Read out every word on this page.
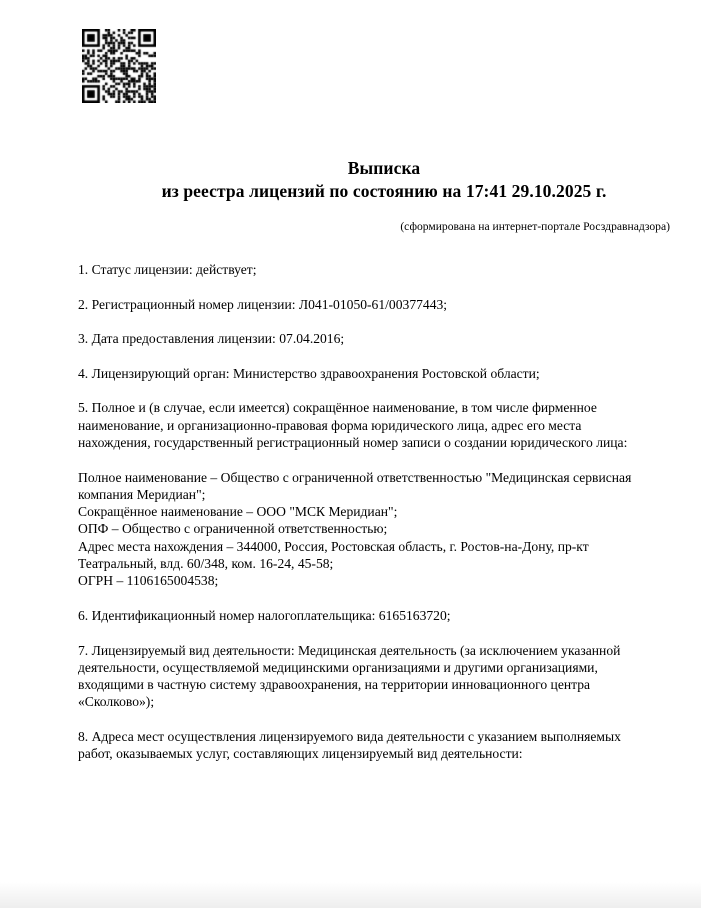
Выписка
из реестра лицензий по состоянию на 17:41 29.10.2025 г.
(сформирована на интернет-портале Росздравнадзора)
1. Статус лицензии: действует;
2. Регистрационный номер лицензии: Л041-01050-61/00377443;
3. Дата предоставления лицензии: 07.04.2016;
4. Лицензирующий орган: Министерство здравоохранения Ростовской области;
5. Полное и (в случае, если имеется) сокращённое наименование, в том числе фирменное
наименование, и организационно-правовая форма юридического лица, адрес его места
нахождения, государственный регистрационный номер записи о создании юридического лица:
Полное наименование – Общество с ограниченной ответственностью "Медицинская сервисная
компания Меридиан";
Сокращённое наименование – ООО "МСК Меридиан";
ОПФ – Общество с ограниченной ответственностью;
Адрес места нахождения – 344000, Россия, Ростовская область, г. Ростов-на-Дону, пр-кт
Театральный, влд. 60/348, ком. 16-24, 45-58;
ОГРН – 1106165004538;
6. Идентификационный номер налогоплательщика: 6165163720;
7. Лицензируемый вид деятельности: Медицинская деятельность (за исключением указанной
деятельности, осуществляемой медицинскими организациями и другими организациями,
входящими в частную систему здравоохранения, на территории инновационного центра
«Сколково»);
8. Адреса мест осуществления лицензируемого вида деятельности с указанием выполняемых
работ, оказываемых услуг, составляющих лицензируемый вид деятельности:
